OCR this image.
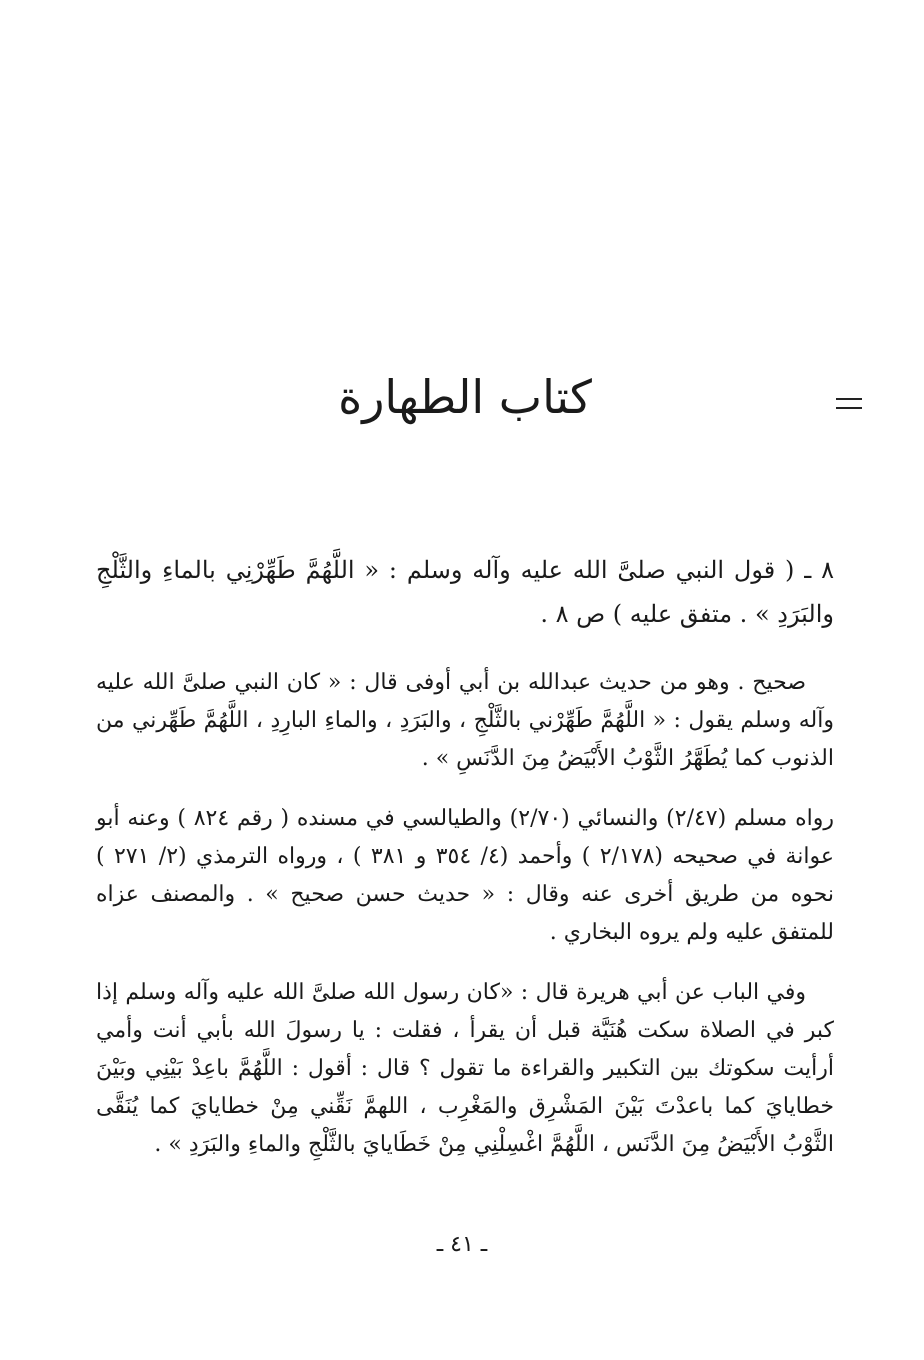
كتاب الطهارة

٨ ـ ( قول النبي صلىَّ الله عليه وآله وسلم : « اللَّهُمَّ طَهِّرْنِي بالماءِ والثَّلْجِ والبَرَدِ » . متفق عليه ) ص ٨ .

صحيح . وهو من حديث عبدالله بن أبي أوفى قال : « كان النبي صلىَّ الله عليه وآله وسلم يقول : « اللَّهُمَّ طَهِّرْني بالثَّلْجِ ، والبَرَدِ ، والماءِ البارِدِ ، اللَّهُمَّ طَهِّرني من الذنوب كما يُطَهَّرُ الثَّوْبُ الأَبْيَضُ مِنَ الدَّنَسِ » .

رواه مسلم (٢/٤٧) والنسائي (٢/٧٠) والطيالسي في مسنده ( رقم ٨٢٤ ) وعنه أبو عوانة في صحيحه (٢/١٧٨ ) وأحمد (٤/ ٣٥٤ و ٣٨١ ) ، ورواه الترمذي (٢/ ٢٧١ ) نحوه من طريق أخرى عنه وقال : « حديث حسن صحيح » . والمصنف عزاه للمتفق عليه ولم يروه البخاري .

وفي الباب عن أبي هريرة قال : «كان رسول الله صلىَّ الله عليه وآله وسلم إذا كبر في الصلاة سكت هُنَيَّة قبل أن يقرأ ، فقلت : يا رسولَ الله بأبي أنت وأمي أرأيت سكوتك بين التكبير والقراءة ما تقول ؟ قال : أقول : اللَّهُمَّ باعِدْ بَيْنِي وبَيْنَ خطايايَ كما باعدْتَ بَيْنَ المَشْرِق والمَغْرِب ، اللهمَّ نَقِّني مِنْ خطايايَ كما يُنَقَّى الثَّوْبُ الأَبْيَضُ مِنَ الدَّنَس ، اللَّهُمَّ اغْسِلْنِي مِنْ خَطَايايَ بالثَّلْجِ والماءِ والبَرَدِ » .

ـ ٤١ ـ
